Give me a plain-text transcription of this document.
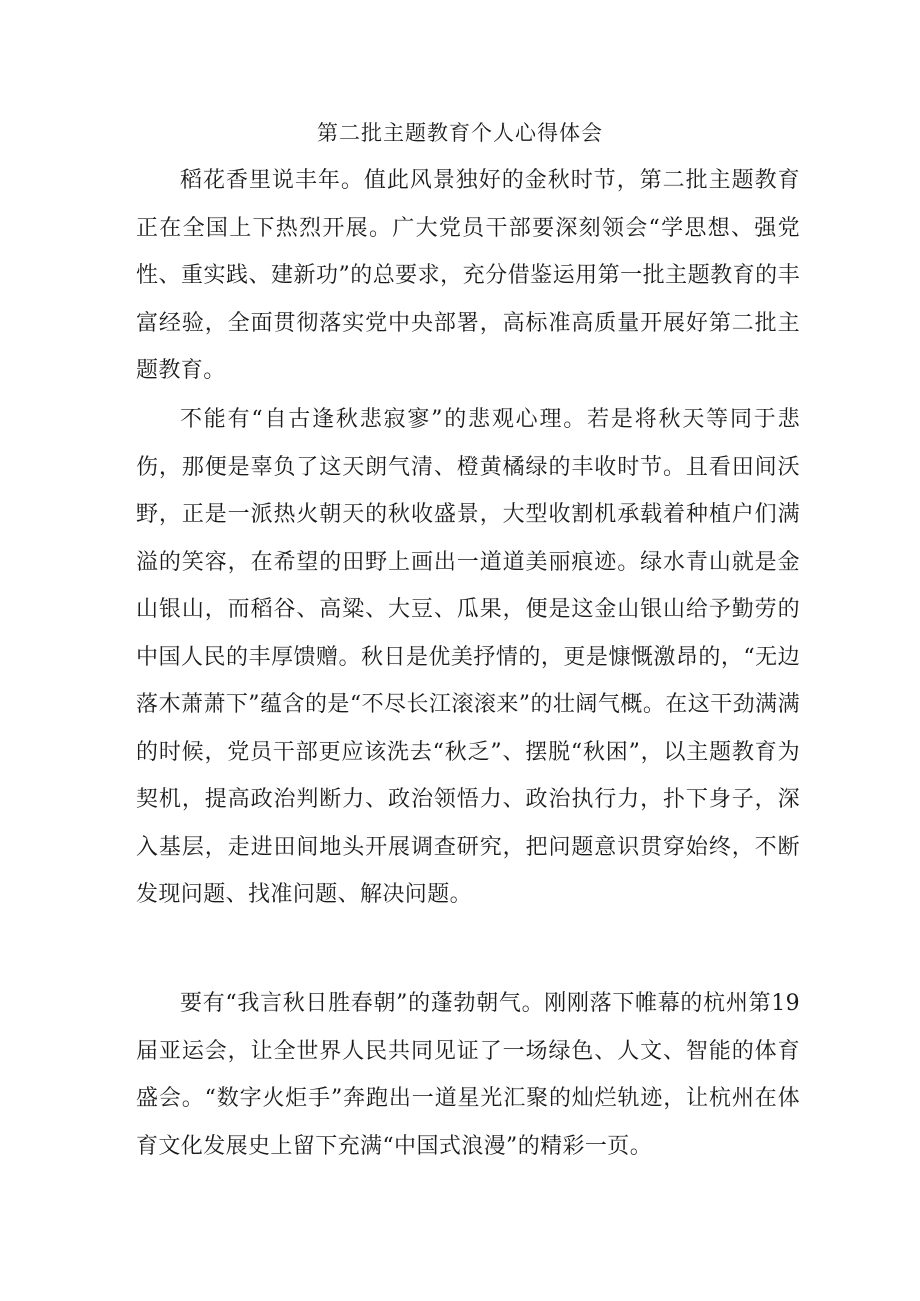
第二批主题教育个人心得体会

稻花香里说丰年。值此风景独好的金秋时节，第二批主题教育正在全国上下热烈开展。广大党员干部要深刻领会“学思想、强党性、重实践、建新功”的总要求，充分借鉴运用第一批主题教育的丰富经验，全面贯彻落实党中央部署，高标准高质量开展好第二批主题教育。

不能有“自古逢秋悲寂寥”的悲观心理。若是将秋天等同于悲伤，那便是辜负了这天朗气清、橙黄橘绿的丰收时节。且看田间沃野，正是一派热火朝天的秋收盛景，大型收割机承载着种植户们满溢的笑容，在希望的田野上画出一道道美丽痕迹。绿水青山就是金山银山，而稻谷、高粱、大豆、瓜果，便是这金山银山给予勤劳的中国人民的丰厚馈赠。秋日是优美抒情的，更是慷慨激昂的，“无边落木萧萧下”蕴含的是“不尽长江滚滚来”的壮阔气概。在这干劲满满的时候，党员干部更应该洗去“秋乏”、摆脱“秋困”，以主题教育为契机，提高政治判断力、政治领悟力、政治执行力，扑下身子，深入基层，走进田间地头开展调查研究，把问题意识贯穿始终，不断发现问题、找准问题、解决问题。

要有“我言秋日胜春朝”的蓬勃朝气。刚刚落下帷幕的杭州第19届亚运会，让全世界人民共同见证了一场绿色、人文、智能的体育盛会。“数字火炬手”奔跑出一道星光汇聚的灿烂轨迹，让杭州在体育文化发展史上留下充满“中国式浪漫”的精彩一页。
